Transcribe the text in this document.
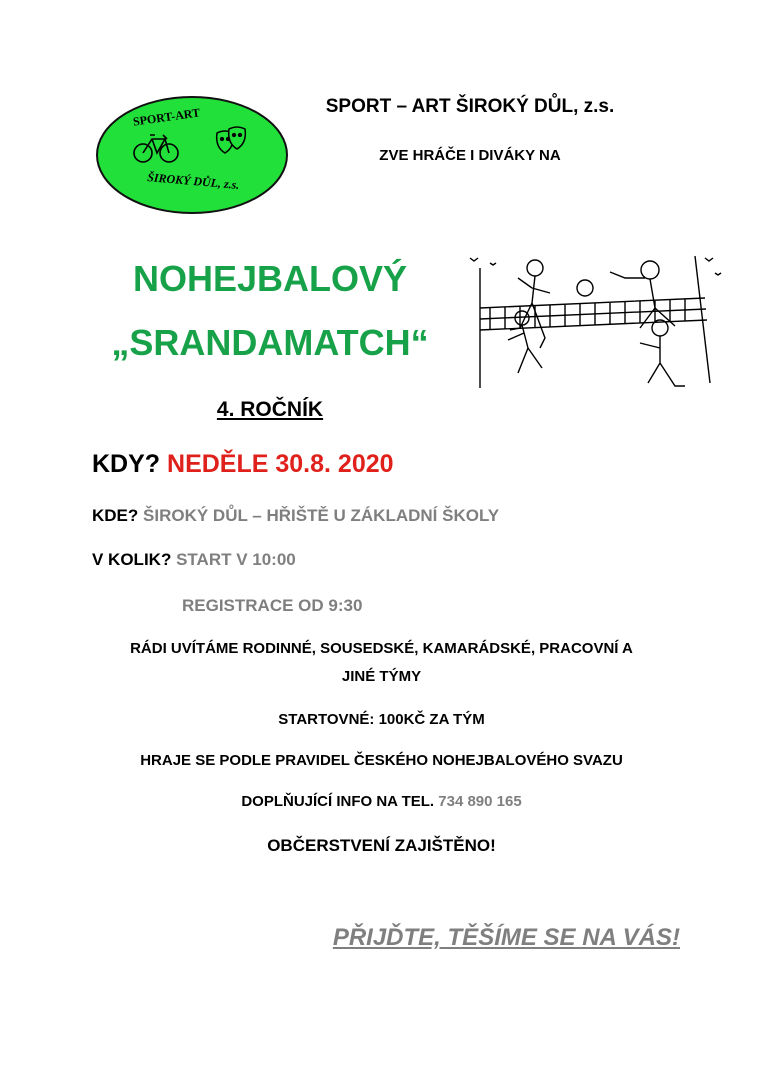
SPORT-ART
ŠIROKÝ DŮL, z.s.
SPORT – ART ŠIROKÝ DŮL, z.s.
ZVE HRÁČE I DIVÁKY NA
NOHEJBALOVÝ
„SRANDAMATCH“
4. ROČNÍK
KDY? NEDĚLE 30.8. 2020
KDE? ŠIROKÝ DŮL – HŘIŠTĚ U ZÁKLADNÍ ŠKOLY
V KOLIK? START V 10:00
REGISTRACE OD 9:30
RÁDI UVÍTÁME RODINNÉ, SOUSEDSKÉ, KAMARÁDSKÉ, PRACOVNÍ A
JINÉ TÝMY
STARTOVNÉ: 100KČ ZA TÝM
HRAJE SE PODLE PRAVIDEL ČESKÉHO NOHEJBALOVÉHO SVAZU
DOPLŇUJÍCÍ INFO NA TEL. 734 890 165
OBČERSTVENÍ ZAJIŠTĚNO!
PŘIJĎTE, TĚŠÍME SE NA VÁS!
